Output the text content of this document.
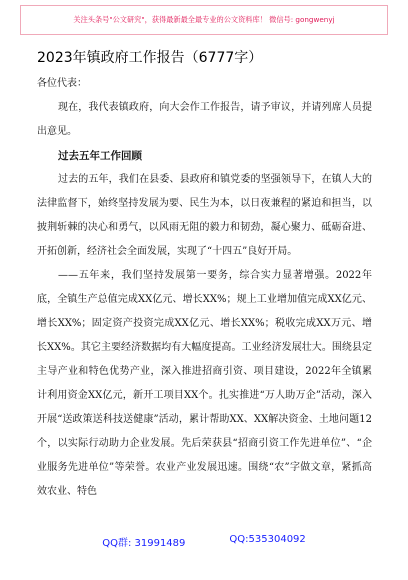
关注头条号"公文研究"，获得最新最全最专业的公文资料库！ 微信号: gongwenyj
2023年镇政府工作报告（6777字）

各位代表：

现在，我代表镇政府，向大会作工作报告，请予审议，并请列席人员提出意见。

过去五年工作回顾

过去的五年，我们在县委、县政府和镇党委的坚强领导下，在镇人大的法律监督下，始终坚持发展为要、民生为本，以日夜兼程的紧迫和担当，以披荆斩棘的决心和勇气，以风雨无阻的毅力和韧劲，凝心聚力、砥砺奋进、开拓创新，经济社会全面发展，实现了“十四五”良好开局。

——五年来，我们坚持发展第一要务，综合实力显著增强。2022年底，全镇生产总值完成XX亿元、增长XX%；规上工业增加值完成XX亿元、增长XX%；固定资产投资完成XX亿元、增长XX%；税收完成XX万元、增长XX%。其它主要经济数据均有大幅度提高。工业经济发展壮大。围绕县定主导产业和特色优势产业，深入推进招商引资、项目建设，2022年全镇累计利用资金XX亿元，新开工项目XX个。扎实推进“万人助万企”活动，深入开展“送政策送科技送健康”活动，累计帮助XX、XX解决资金、土地问题12个，以实际行动助力企业发展。先后荣获县“招商引资工作先进单位”、“企业服务先进单位”等荣誉。农业产业发展迅速。围绕“农”字做文章，紧抓高效农业、特色

QQ群: 31991489	QQ:535304092
